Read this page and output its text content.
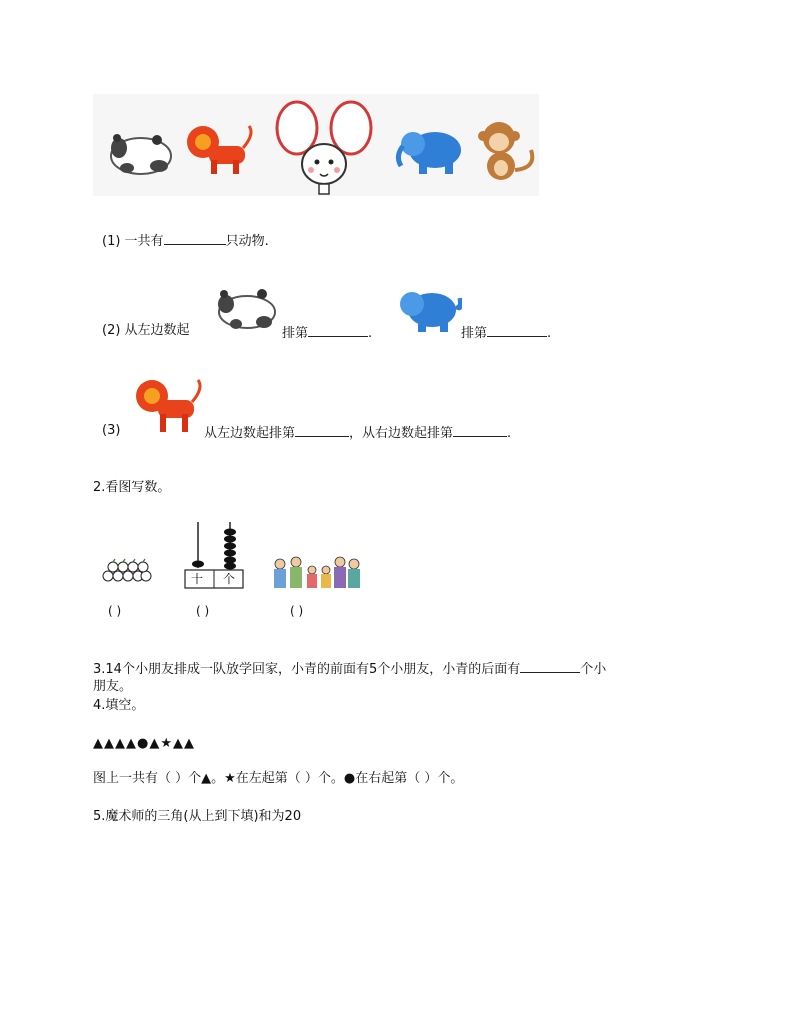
(1) 一共有	只动物.
(2) 从左边数起	排第	.	排第	.
(3)	从左边数起排第	，从右边数起排第	.
2.看图写数。
十 个
( )	( )	( )
3.14个小朋友排成一队放学回家，小青的前面有5个小朋友，小青的后面有	个小
朋友。
4.填空。
▲▲▲▲●▲★▲▲
图上一共有（ ）个▲。★在左起第（ ）个。●在右起第（ ）个。
5.魔术师的三角(从上到下填)和为20
